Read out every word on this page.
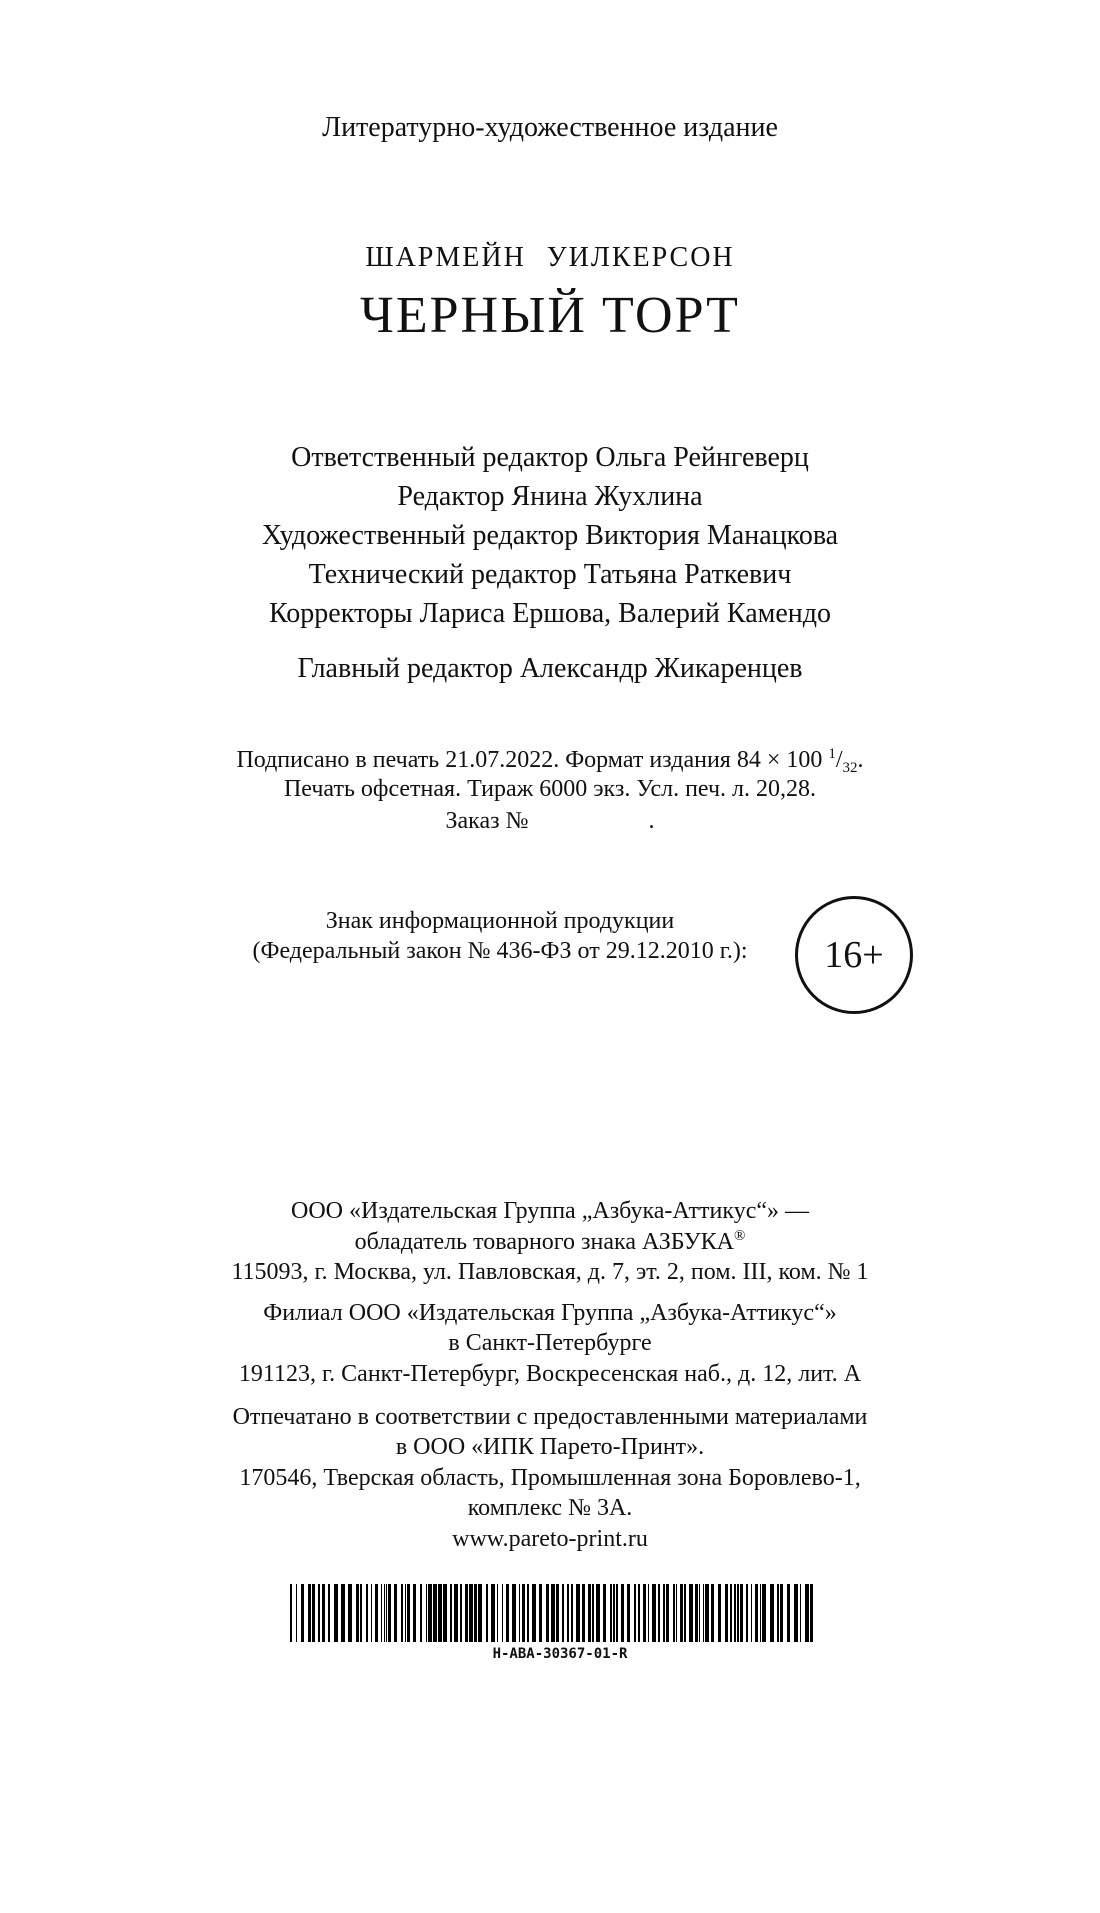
Литературно-художественное издание
ШАРМЕЙН УИЛКЕРСОН
ЧЕРНЫЙ ТОРТ
Ответственный редактор Ольга Рейнгеверц
Редактор Янина Жухлина
Художественный редактор Виктория Манацкова
Технический редактор Татьяна Раткевич
Корректоры Лариса Ершова, Валерий Камендо
Главный редактор Александр Жикаренцев
Подписано в печать 21.07.2022. Формат издания 84 × 100 $^1/_{32}$.
Печать офсетная. Тираж 6000 экз. Усл. печ. л. 20,28.
Заказ №	.
Знак информационной продукции
(Федеральный закон № 436-ФЗ от 29.12.2010 г.):	16+
ООО «Издательская Группа „Азбука-Аттикус“» —
обладатель товарного знака АЗБУКА®
115093, г. Москва, ул. Павловская, д. 7, эт. 2, пом. III, ком. № 1
Филиал ООО «Издательская Группа „Азбука-Аттикус“»
в Санкт-Петербурге
191123, г. Санкт-Петербург, Воскресенская наб., д. 12, лит. А
Отпечатано в соответствии с предоставленными материалами
в ООО «ИПК Парето-Принт».
170546, Тверская область, Промышленная зона Боровлево-1,
комплекс № 3А.
www.pareto-print.ru
H-ABA-30367-01-R
